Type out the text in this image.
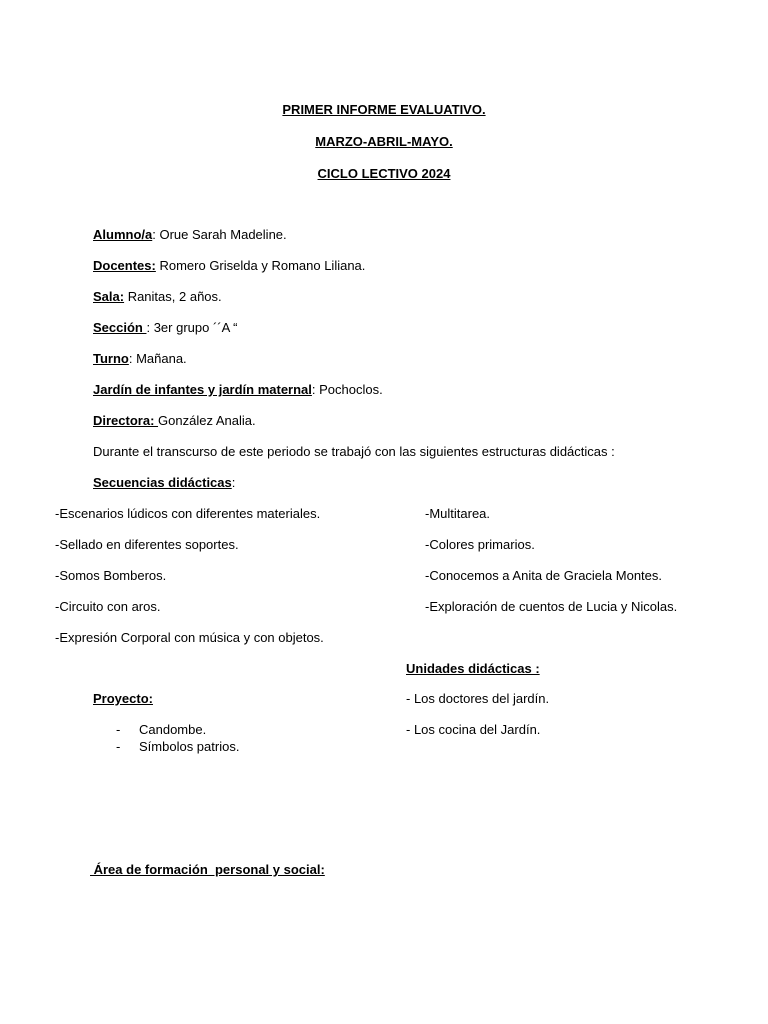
PRIMER INFORME EVALUATIVO.
MARZO-ABRIL-MAYO.
CICLO LECTIVO 2024
Alumno/a: Orue Sarah Madeline.
Docentes: Romero Griselda y Romano Liliana.
Sala: Ranitas, 2 años.
Sección : 3er grupo ´´A “
Turno: Mañana.
Jardín de infantes y jardín maternal: Pochoclos.
Directora: González Analia.
Durante el transcurso de este periodo se trabajó con las siguientes estructuras didácticas :
Secuencias didácticas:
-Escenarios lúdicos con diferentes materiales.
-Sellado en diferentes soportes.
-Somos Bomberos.
-Circuito con aros.
-Expresión Corporal con música y con objetos.
-Multitarea.
-Colores primarios.
-Conocemos a Anita de Graciela Montes.
-Exploración de cuentos de Lucia y Nicolas.
Unidades didácticas :
- Los doctores del jardín.
- Los cocina del Jardín.
Proyecto:
- Candombe.
- Símbolos patrios.
Área de formación  personal y social:
